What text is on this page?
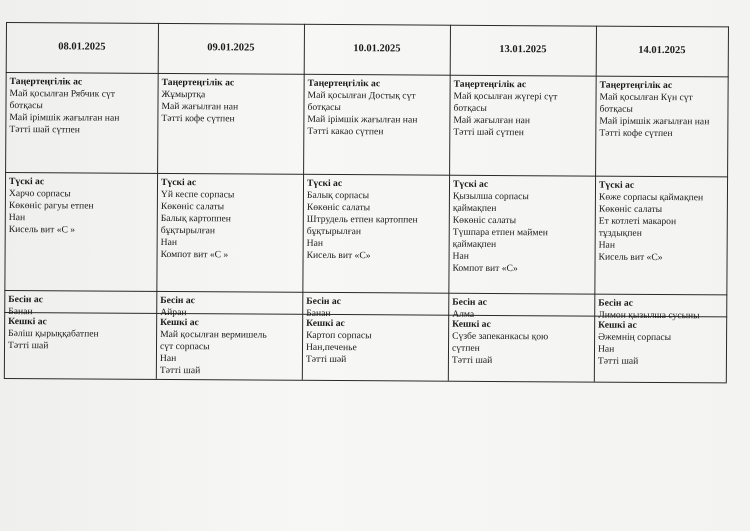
08.01.2025
Таңертеңгілік ас
Май қосылған Рябчик сүт
ботқасы
Май ірімшік жағылған нан
Тәтті шай сүтпен
Түскі ас
Харчо сорпасы
Көкөніс рагуы етпен
Нан
Кисель вит «С »
Бесін ас
Банан
Кешкі ас
Бәліш қырыққабатпен
Тәтті шай
09.01.2025
Таңертеңгілік ас
Жұмыртқа
Май жағылған нан
Тәтті кофе сүтпен
Түскі ас
Үй кеспе сорпасы
Көкөніс салаты
Балық картоппен
бұқтырылған
Нан
Компот вит «С »
Бесін ас
Айран
Кешкі ас
Май қосылған вермишель
сүт сорпасы
Нан
Тәтті шай
10.01.2025
Таңертеңгілік ас
Май қосылған Достық сүт
ботқасы
Май ірімшік жағылған нан
Тәтті какао сүтпен
Түскі ас
Балық сорпасы
Көкөніс салаты
Штрудель етпен картоппен
бұқтырылған
Нан
Кисель вит «С»
Бесін ас
Банан
Кешкі ас
Картоп сорпасы
Нан,печенье
Тәтті шәй
13.01.2025
Таңертеңгілік ас
Май қосылған жүгері сүт
ботқасы
Май жағылған нан
Тәтті шәй сүтпен
Түскі ас
Қызылша сорпасы
қаймақпен
Көкөніс салаты
Түшпара етпен маймен
қаймақпен
Нан
Компот вит «С»
Бесін ас
Алма
Кешкі ас
Сүзбе запеканкасы қою
сүтпен
Тәтті шай
14.01.2025
Таңертеңгілік ас
Май қосылған Күн сүт
ботқасы
Май ірімшік жағылған нан
Тәтті кофе сүтпен
Түскі ас
Көже сорпасы қаймақпен
Көкөніс салаты
Ет котлеті макарон
тұздықпен
Нан
Кисель вит «С»
Бесін ас
Лимон қызылша сусыны
Кешкі ас
Әжемнің сорпасы
Нан
Тәтті шай
